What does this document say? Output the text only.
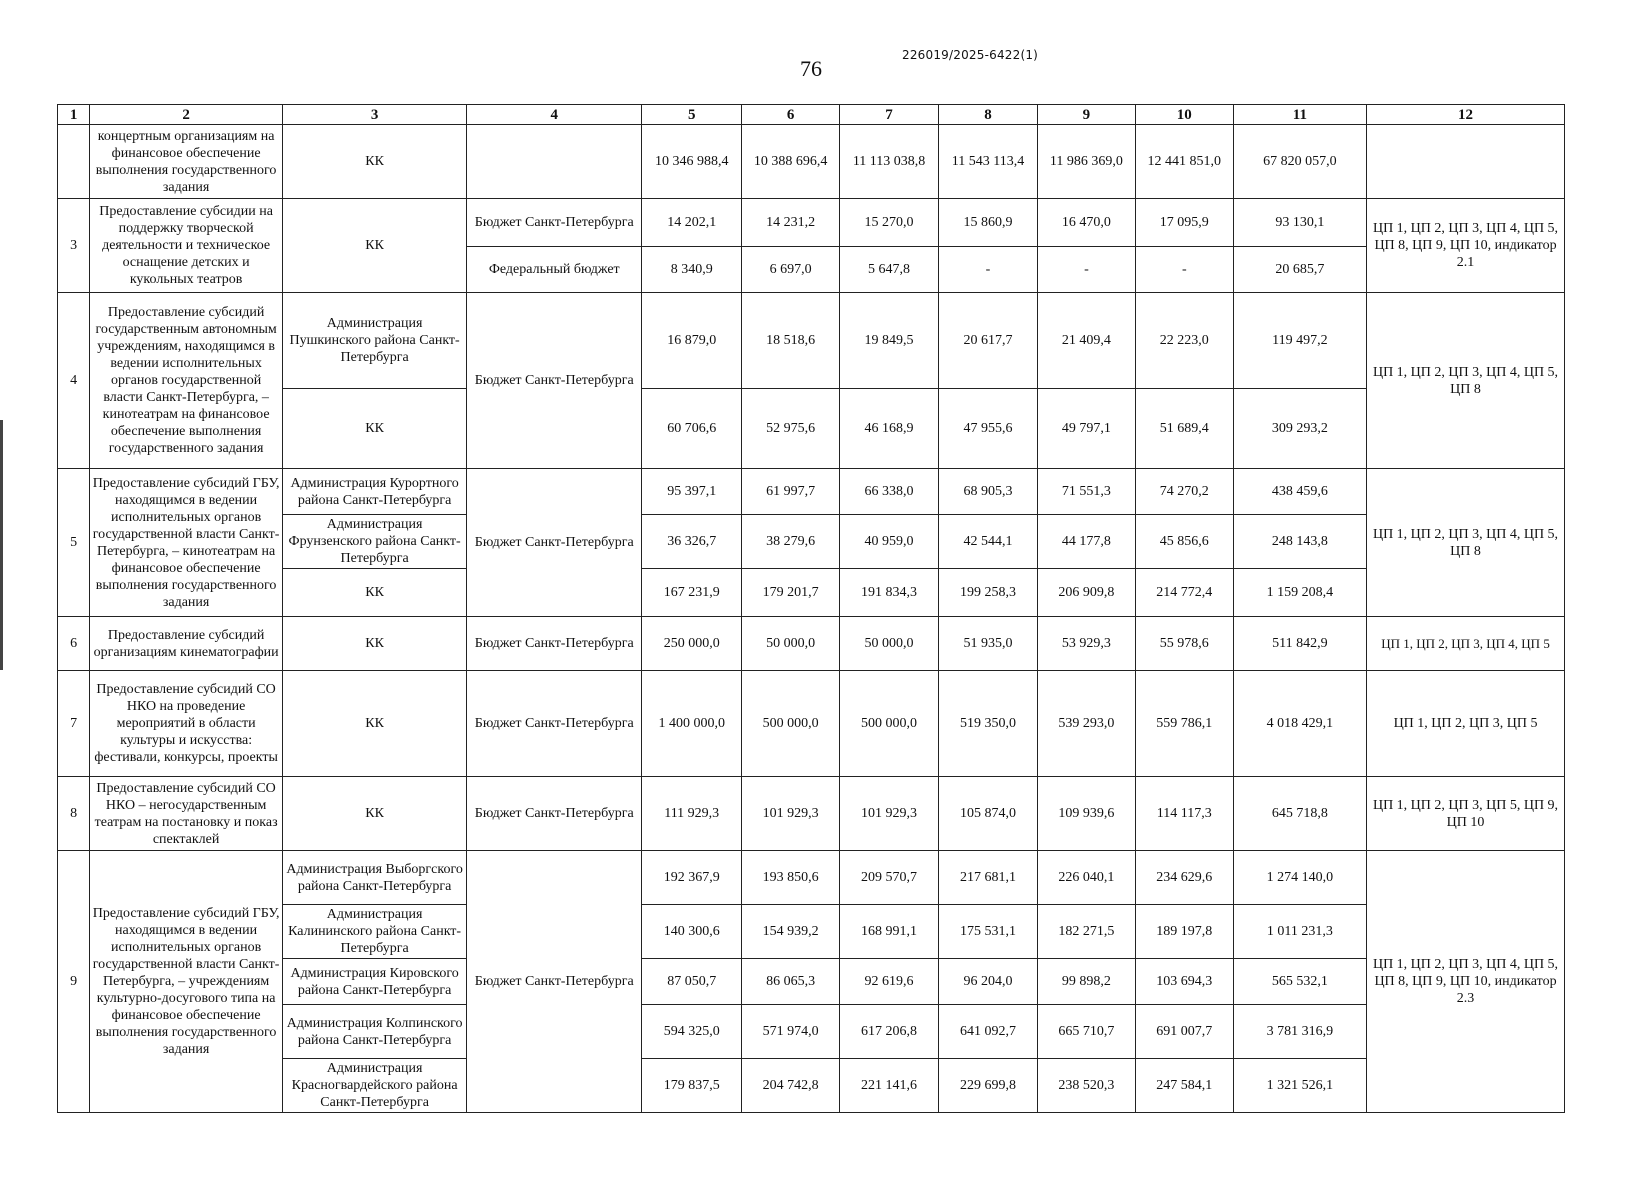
76
226019/2025-6422(1)
1	2	3	4	5	6	7	8	9	10	11	12
	концертным организациям на финансовое обеспечение выполнения государственного задания	КК		10 346 988,4	10 388 696,4	11 113 038,8	11 543 113,4	11 986 369,0	12 441 851,0	67 820 057,0	
3	Предоставление субсидии на поддержку творческой деятельности и техническое оснащение детских и кукольных театров	КК	Бюджет Санкт-Петербурга	14 202,1	14 231,2	15 270,0	15 860,9	16 470,0	17 095,9	93 130,1	ЦП 1, ЦП 2, ЦП 3, ЦП 4, ЦП 5, ЦП 8, ЦП 9, ЦП 10, индикатор 2.1
			Федеральный бюджет	8 340,9	6 697,0	5 647,8	-	-	-	20 685,7	
4	Предоставление субсидий государственным автономным учреждениям, находящимся в ведении исполнительных органов государственной власти Санкт-Петербурга, – кинотеатрам на финансовое обеспечение выполнения государственного задания	Администрация Пушкинского района Санкт-Петербурга	Бюджет Санкт-Петербурга	16 879,0	18 518,6	19 849,5	20 617,7	21 409,4	22 223,0	119 497,2	ЦП 1, ЦП 2, ЦП 3, ЦП 4, ЦП 5, ЦП 8
		КК		60 706,6	52 975,6	46 168,9	47 955,6	49 797,1	51 689,4	309 293,2	
5	Предоставление субсидий ГБУ, находящимся в ведении исполнительных органов государственной власти Санкт-Петербурга, – кинотеатрам на финансовое обеспечение выполнения государственного задания	Администрация Курортного района Санкт-Петербурга	Бюджет Санкт-Петербурга	95 397,1	61 997,7	66 338,0	68 905,3	71 551,3	74 270,2	438 459,6	ЦП 1, ЦП 2, ЦП 3, ЦП 4, ЦП 5, ЦП 8
		Администрация Фрунзенского района Санкт-Петербурга		36 326,7	38 279,6	40 959,0	42 544,1	44 177,8	45 856,6	248 143,8	
		КК		167 231,9	179 201,7	191 834,3	199 258,3	206 909,8	214 772,4	1 159 208,4	
6	Предоставление субсидий организациям кинематографии	КК	Бюджет Санкт-Петербурга	250 000,0	50 000,0	50 000,0	51 935,0	53 929,3	55 978,6	511 842,9	ЦП 1, ЦП 2, ЦП 3, ЦП 4, ЦП 5
7	Предоставление субсидий СО НКО на проведение мероприятий в области культуры и искусства: фестивали, конкурсы, проекты	КК	Бюджет Санкт-Петербурга	1 400 000,0	500 000,0	500 000,0	519 350,0	539 293,0	559 786,1	4 018 429,1	ЦП 1, ЦП 2, ЦП 3, ЦП 5
8	Предоставление субсидий СО НКО – негосударственным театрам на постановку и показ спектаклей	КК	Бюджет Санкт-Петербурга	111 929,3	101 929,3	101 929,3	105 874,0	109 939,6	114 117,3	645 718,8	ЦП 1, ЦП 2, ЦП 3, ЦП 5, ЦП 9, ЦП 10
9	Предоставление субсидий ГБУ, находящимся в ведении исполнительных органов государственной власти Санкт-Петербурга, – учреждениям культурно-досугового типа на финансовое обеспечение выполнения государственного задания	Администрация Выборгского района Санкт-Петербурга	Бюджет Санкт-Петербурга	192 367,9	193 850,6	209 570,7	217 681,1	226 040,1	234 629,6	1 274 140,0	ЦП 1, ЦП 2, ЦП 3, ЦП 4, ЦП 5, ЦП 8, ЦП 9, ЦП 10, индикатор 2.3
		Администрация Калининского района Санкт-Петербурга		140 300,6	154 939,2	168 991,1	175 531,1	182 271,5	189 197,8	1 011 231,3	
		Администрация Кировского района Санкт-Петербурга		87 050,7	86 065,3	92 619,6	96 204,0	99 898,2	103 694,3	565 532,1	
		Администрация Колпинского района Санкт-Петербурга		594 325,0	571 974,0	617 206,8	641 092,7	665 710,7	691 007,7	3 781 316,9	
		Администрация Красногвардейского района Санкт-Петербурга		179 837,5	204 742,8	221 141,6	229 699,8	238 520,3	247 584,1	1 321 526,1	
